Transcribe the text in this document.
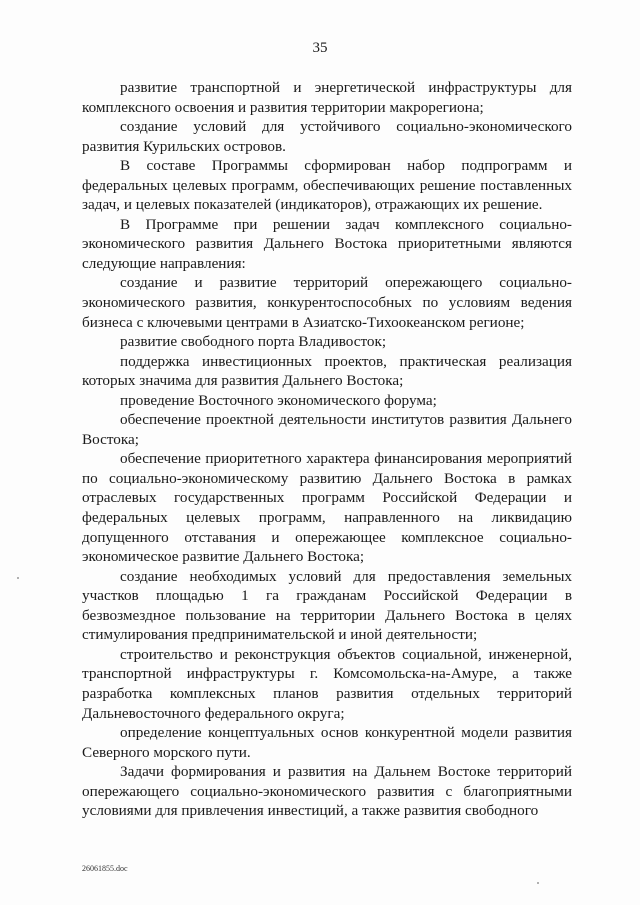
35

развитие транспортной и энергетической инфраструктуры для комплексного освоения и развития территории макрорегиона;

создание условий для устойчивого социально-экономического развития Курильских островов.

В составе Программы сформирован набор подпрограмм и федеральных целевых программ, обеспечивающих решение поставленных задач, и целевых показателей (индикаторов), отражающих их решение.

В Программе при решении задач комплексного социально-экономического развития Дальнего Востока приоритетными являются следующие направления:

создание и развитие территорий опережающего социально-экономического развития, конкурентоспособных по условиям ведения бизнеса с ключевыми центрами в Азиатско-Тихоокеанском регионе;

развитие свободного порта Владивосток;

поддержка инвестиционных проектов, практическая реализация которых значима для развития Дальнего Востока;

проведение Восточного экономического форума;

обеспечение проектной деятельности институтов развития Дальнего Востока;

обеспечение приоритетного характера финансирования мероприятий по социально-экономическому развитию Дальнего Востока в рамках отраслевых государственных программ Российской Федерации и федеральных целевых программ, направленного на ликвидацию допущенного отставания и опережающее комплексное социально-экономическое развитие Дальнего Востока;

создание необходимых условий для предоставления земельных участков площадью 1 га гражданам Российской Федерации в безвозмездное пользование на территории Дальнего Востока в целях стимулирования предпринимательской и иной деятельности;

строительство и реконструкция объектов социальной, инженерной, транспортной инфраструктуры г. Комсомольска-на-Амуре, а также разработка комплексных планов развития отдельных территорий Дальневосточного федерального округа;

определение концептуальных основ конкурентной модели развития Северного морского пути.

Задачи формирования и развития на Дальнем Востоке территорий опережающего социально-экономического развития с благоприятными условиями для привлечения инвестиций, а также развития свободного

26061855.doc
